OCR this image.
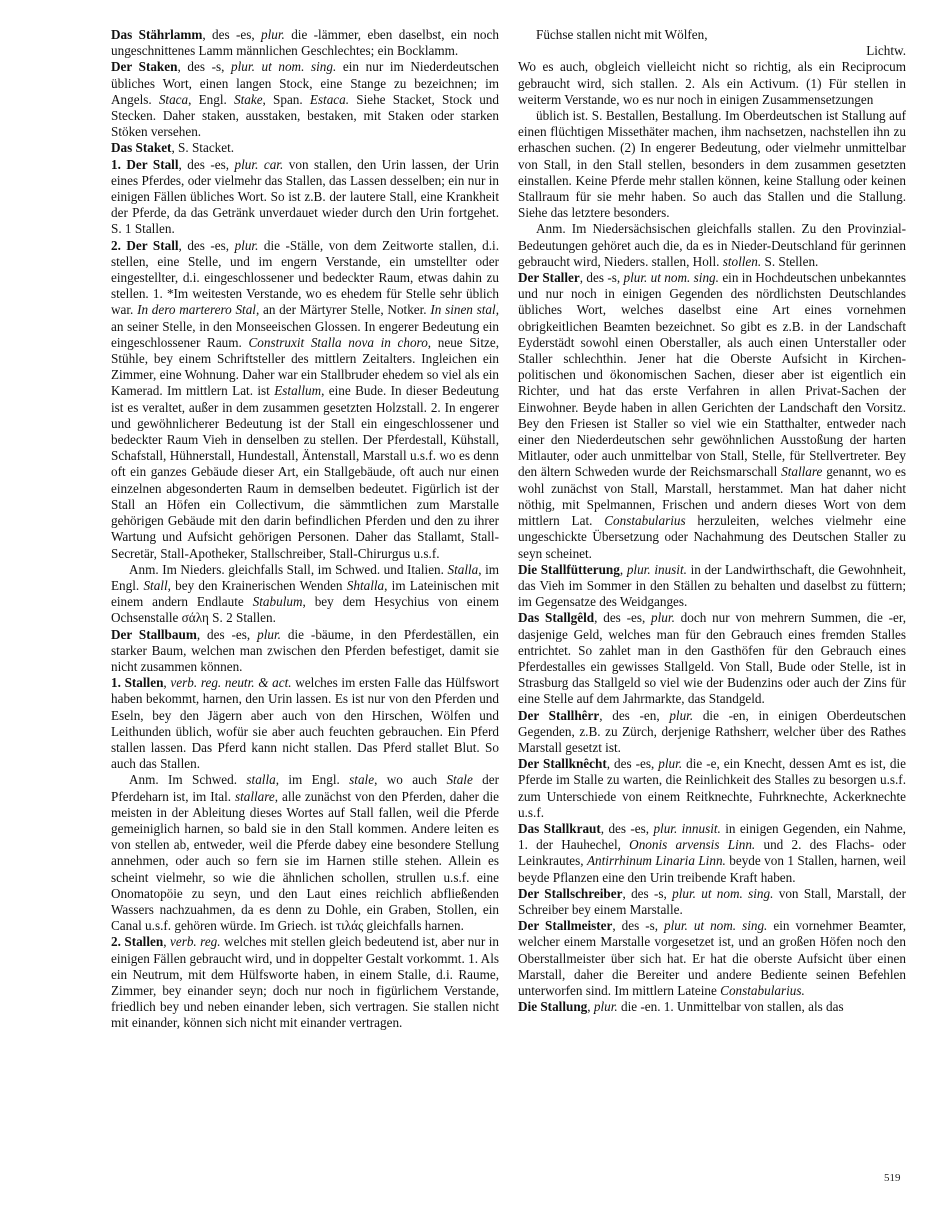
Das Stährlamm, des -es, plur. die -lämmer, eben daselbst, ein noch ungeschnittenes Lamm männlichen Geschlechtes; ein Bocklamm.

Der Staken, des -s, plur. ut nom. sing. ein nur im Niederdeutschen übliches Wort, einen langen Stock, eine Stange zu bezeichnen; im Angels. Staca, Engl. Stake, Span. Estaca. Siehe Stacket, Stock und Stecken. Daher staken, ausstaken, bestaken, mit Staken oder starken Stöken versehen.

Das Staket, S. Stacket.

1. Der Stall, des -es, plur. car. von stallen, den Urin lassen, der Urin eines Pferdes, oder vielmehr das Stallen, das Lassen desselben; ein nur in einigen Fällen übliches Wort. So ist z.B. der lautere Stall, eine Krankheit der Pferde, da das Getränk unverdauet wieder durch den Urin fortgehet. S. 1 Stallen.

2. Der Stall, des -es, plur. die -Ställe, von dem Zeitworte stallen, d.i. stellen, eine Stelle, und im engern Verstande, ein umstellter oder eingestellter, d.i. eingeschlossener und bedeckter Raum, etwas dahin zu stellen. 1. *Im weitesten Verstande, wo es ehedem für Stelle sehr üblich war. In dero marterero Stal, an der Märtyrer Stelle, Notker. In sinen stal, an seiner Stelle, in den Monseeischen Glossen. In engerer Bedeutung ein eingeschlossener Raum. Construxit Stalla nova in choro, neue Sitze, Stühle, bey einem Schriftsteller des mittlern Zeitalters. Ingleichen ein Zimmer, eine Wohnung. Daher war ein Stallbruder ehedem so viel als ein Kamerad. Im mittlern Lat. ist Estallum, eine Bude. In dieser Bedeutung ist es veraltet, außer in dem zusammen gesetzten Holzstall. 2. In engerer und gewöhnlicherer Bedeutung ist der Stall ein eingeschlossener und bedeckter Raum Vieh in denselben zu stellen. Der Pferdestall, Kühstall, Schafstall, Hühnerstall, Hundestall, Äntenstall, Marstall u.s.f. wo es denn oft ein ganzes Gebäude dieser Art, ein Stallgebäude, oft auch nur einen einzelnen abgesonderten Raum in demselben bedeutet. Figürlich ist der Stall an Höfen ein Collectivum, die sämmtlichen zum Marstalle gehörigen Gebäude mit den darin befindlichen Pferden und den zu ihrer Wartung und Aufsicht gehörigen Personen. Daher das Stallamt, Stall-Secretär, Stall-Apotheker, Stallschreiber, Stall-Chirurgus u.s.f.

Anm. Im Nieders. gleichfalls Stall, im Schwed. und Italien. Stalla, im Engl. Stall, bey den Krainerischen Wenden Shtalla, im Lateinischen mit einem andern Endlaute Stabulum, bey dem Hesychius von einem Ochsenstalle σάλη S. 2 Stallen.

Der Stallbaum, des -es, plur. die -bäume, in den Pferdeställen, ein starker Baum, welchen man zwischen den Pferden befestiget, damit sie nicht zusammen können.

1. Stallen, verb. reg. neutr. & act. welches im ersten Falle das Hülfswort haben bekommt, harnen, den Urin lassen. Es ist nur von den Pferden und Eseln, bey den Jägern aber auch von den Hirschen, Wölfen und Leithunden üblich, wofür sie aber auch feuchten gebrauchen. Ein Pferd stallen lassen. Das Pferd kann nicht stallen. Das Pferd stallet Blut. So auch das Stallen.

Anm. Im Schwed. stalla, im Engl. stale, wo auch Stale der Pferdeharn ist, im Ital. stallare, alle zunächst von den Pferden, daher die meisten in der Ableitung dieses Wortes auf Stall fallen, weil die Pferde gemeiniglich harnen, so bald sie in den Stall kommen. Andere leiten es von stellen ab, entweder, weil die Pferde dabey eine besondere Stellung annehmen, oder auch so fern sie im Harnen stille stehen. Allein es scheint vielmehr, so wie die ähnlichen schollen, strullen u.s.f. eine Onomatopöie zu seyn, und den Laut eines reichlich abfließenden Wassers nachzuahmen, da es denn zu Dohle, ein Graben, Stollen, ein Canal u.s.f. gehören würde. Im Griech. ist τιλάς gleichfalls harnen.

2. Stallen, verb. reg. welches mit stellen gleich bedeutend ist, aber nur in einigen Fällen gebraucht wird, und in doppelter Gestalt vorkommt. 1. Als ein Neutrum, mit dem Hülfsworte haben, in einem Stalle, d.i. Raume, Zimmer, bey einander seyn; doch nur noch in figürlichem Verstande, friedlich bey und neben einander leben, sich vertragen. Sie stallen nicht mit einander, können sich nicht mit einander vertragen.

Füchse stallen nicht mit Wölfen,

Lichtw.

Wo es auch, obgleich vielleicht nicht so richtig, als ein Reciprocum gebraucht wird, sich stallen. 2. Als ein Activum. (1) Für stellen in weiterm Verstande, wo es nur noch in einigen Zusammensetzungen

üblich ist. S. Bestallen, Bestallung. Im Oberdeutschen ist Stallung auf einen flüchtigen Missethäter machen, ihm nachsetzen, nachstellen ihn zu erhaschen suchen. (2) In engerer Bedeutung, oder vielmehr unmittelbar von Stall, in den Stall stellen, besonders in dem zusammen gesetzten einstallen. Keine Pferde mehr stallen können, keine Stallung oder keinen Stallraum für sie mehr haben. So auch das Stallen und die Stallung. Siehe das letztere besonders.

Anm. Im Niedersächsischen gleichfalls stallen. Zu den Provinzial-Bedeutungen gehöret auch die, da es in Nieder-Deutschland für gerinnen gebraucht wird, Nieders. stallen, Holl. stollen. S. Stellen.

Der Staller, des -s, plur. ut nom. sing. ein in Hochdeutschen unbekanntes und nur noch in einigen Gegenden des nördlichsten Deutschlandes übliches Wort, welches daselbst eine Art eines vornehmen obrigkeitlichen Beamten bezeichnet. So gibt es z.B. in der Landschaft Eyderstädt sowohl einen Oberstaller, als auch einen Unterstaller oder Staller schlechthin. Jener hat die Oberste Aufsicht in Kirchen- politischen und ökonomischen Sachen, dieser aber ist eigentlich ein Richter, und hat das erste Verfahren in allen Privat-Sachen der Einwohner. Beyde haben in allen Gerichten der Landschaft den Vorsitz. Bey den Friesen ist Staller so viel wie ein Statthalter, entweder nach einer den Niederdeutschen sehr gewöhnlichen Ausstoßung der harten Mitlauter, oder auch unmittelbar von Stall, Stelle, für Stellvertreter. Bey den ältern Schweden wurde der Reichsmarschall Stallare genannt, wo es wohl zunächst von Stall, Marstall, herstammet. Man hat daher nicht nöthig, mit Spelmannen, Frischen und andern dieses Wort von dem mittlern Lat. Constabularius herzuleiten, welches vielmehr eine ungeschickte Übersetzung oder Nachahmung des Deutschen Staller zu seyn scheinet.

Die Stallfütterung, plur. inusit. in der Landwirthschaft, die Gewohnheit, das Vieh im Sommer in den Ställen zu behalten und daselbst zu füttern; im Gegensatze des Weidganges.

Das Stallgêld, des -es, plur. doch nur von mehrern Summen, die -er, dasjenige Geld, welches man für den Gebrauch eines fremden Stalles entrichtet. So zahlet man in den Gasthöfen für den Gebrauch eines Pferdestalles ein gewisses Stallgeld. Von Stall, Bude oder Stelle, ist in Strasburg das Stallgeld so viel wie der Budenzins oder auch der Zins für eine Stelle auf dem Jahrmarkte, das Standgeld.

Der Stallhêrr, des -en, plur. die -en, in einigen Oberdeutschen Gegenden, z.B. zu Zürch, derjenige Rathsherr, welcher über des Rathes Marstall gesetzt ist.

Der Stallknêcht, des -es, plur. die -e, ein Knecht, dessen Amt es ist, die Pferde im Stalle zu warten, die Reinlichkeit des Stalles zu besorgen u.s.f. zum Unterschiede von einem Reitknechte, Fuhrknechte, Ackerknechte u.s.f.

Das Stallkraut, des -es, plur. innusit. in einigen Gegenden, ein Nahme, 1. der Hauhechel, Ononis arvensis Linn. und 2. des Flachs- oder Leinkrautes, Antirrhinum Linaria Linn. beyde von 1 Stallen, harnen, weil beyde Pflanzen eine den Urin treibende Kraft haben.

Der Stallschreiber, des -s, plur. ut nom. sing. von Stall, Marstall, der Schreiber bey einem Marstalle.

Der Stallmeister, des -s, plur. ut nom. sing. ein vornehmer Beamter, welcher einem Marstalle vorgesetzet ist, und an großen Höfen noch den Oberstallmeister über sich hat. Er hat die oberste Aufsicht über einen Marstall, daher die Bereiter und andere Bediente seinen Befehlen unterworfen sind. Im mittlern Lateine Constabularius.

Die Stallung, plur. die -en. 1. Unmittelbar von stallen, als das

519
